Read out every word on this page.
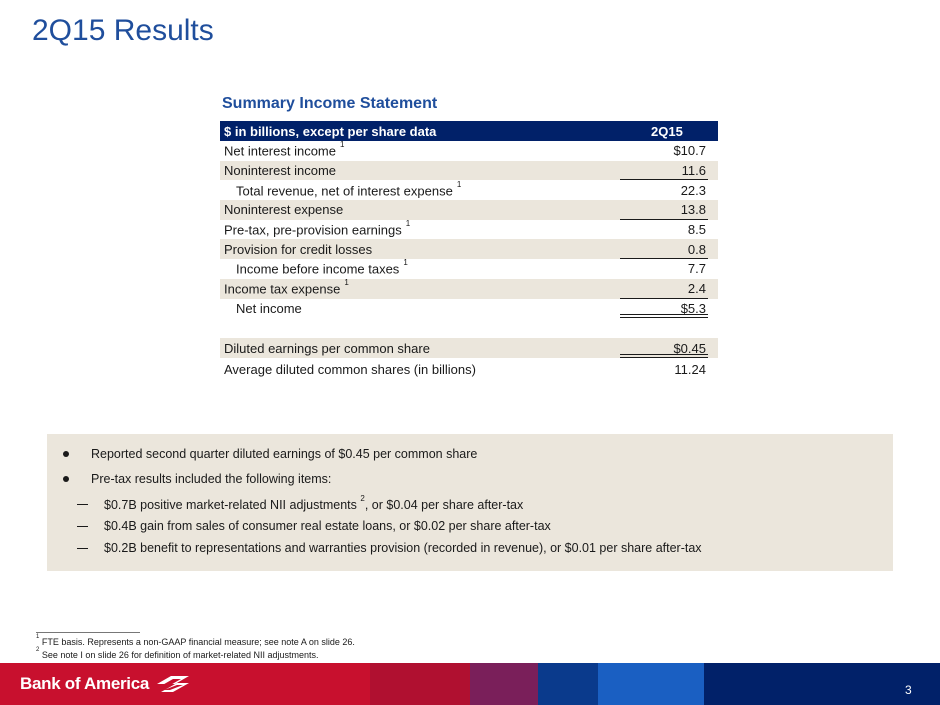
2Q15 Results
Summary Income Statement
$ in billions, except per share data	2Q15
Net interest income $^1$	$10.7
Noninterest income	11.6
Total revenue, net of interest expense $^1$	22.3
Noninterest expense	13.8
Pre-tax, pre-provision earnings $^1$	8.5
Provision for credit losses	0.8
Income before income taxes $^1$	7.7
Income tax expense $^1$	2.4
Net income	$5.3
Diluted earnings per common share	$0.45
Average diluted common shares (in billions)	11.24
Reported second quarter diluted earnings of $0.45 per common share
Pre-tax results included the following items:
$0.7B positive market-related NII adjustments $^2$, or $0.04 per share after-tax
$0.4B gain from sales of consumer real estate loans, or $0.02 per share after-tax
$0.2B benefit to representations and warranties provision (recorded in revenue), or $0.01 per share after-tax
$^1$ FTE basis. Represents a non-GAAP financial measure; see note A on slide 26.
$^2$ See note I on slide 26 for definition of market-related NII adjustments.
Bank of America	3
